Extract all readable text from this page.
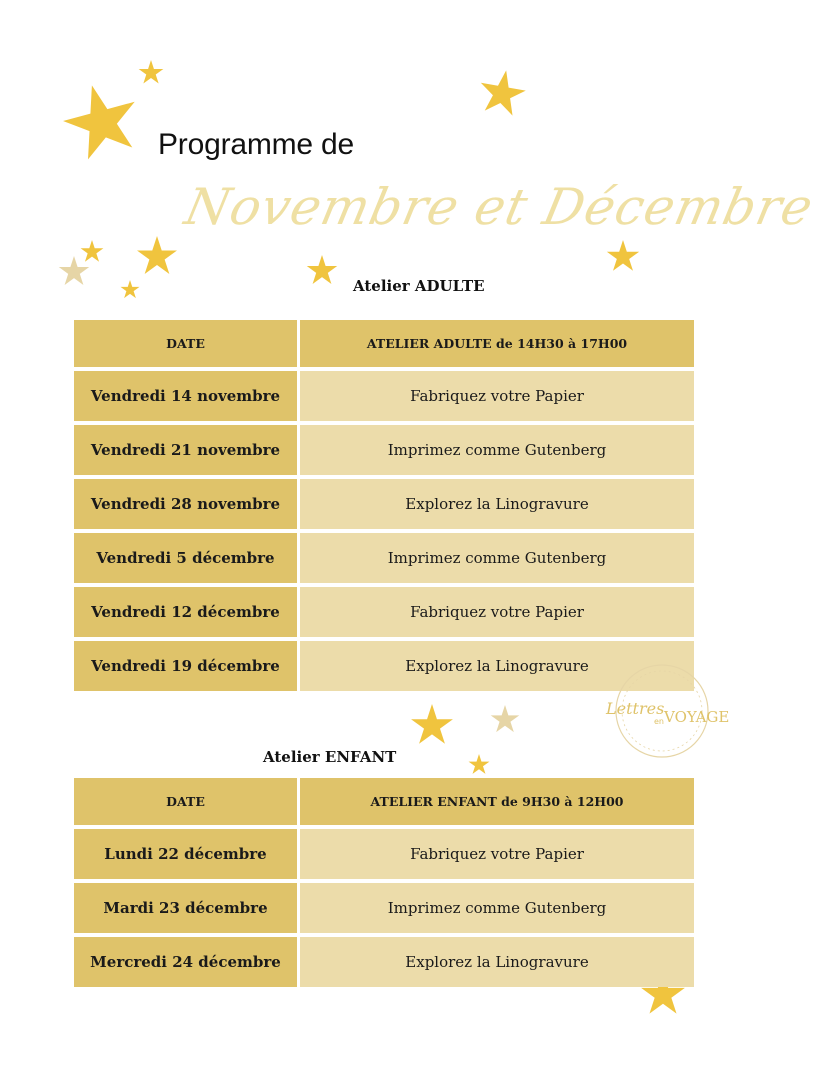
Programme de
Novembre et Décembre
Atelier ADULTE
DATE	ATELIER ADULTE de 14H30 à 17H00
Vendredi 14 novembre	Fabriquez votre Papier
Vendredi 21 novembre	Imprimez comme Gutenberg
Vendredi 28 novembre	Explorez la Linogravure
Vendredi 5 décembre	Imprimez comme Gutenberg
Vendredi 12 décembre	Fabriquez votre Papier
Vendredi 19 décembre	Explorez la Linogravure
Lettres
en VOYAGE
Atelier ENFANT
DATE	ATELIER ENFANT de 9H30 à 12H00
Lundi 22 décembre	Fabriquez votre Papier
Mardi 23 décembre	Imprimez comme Gutenberg
Mercredi 24 décembre	Explorez la Linogravure
